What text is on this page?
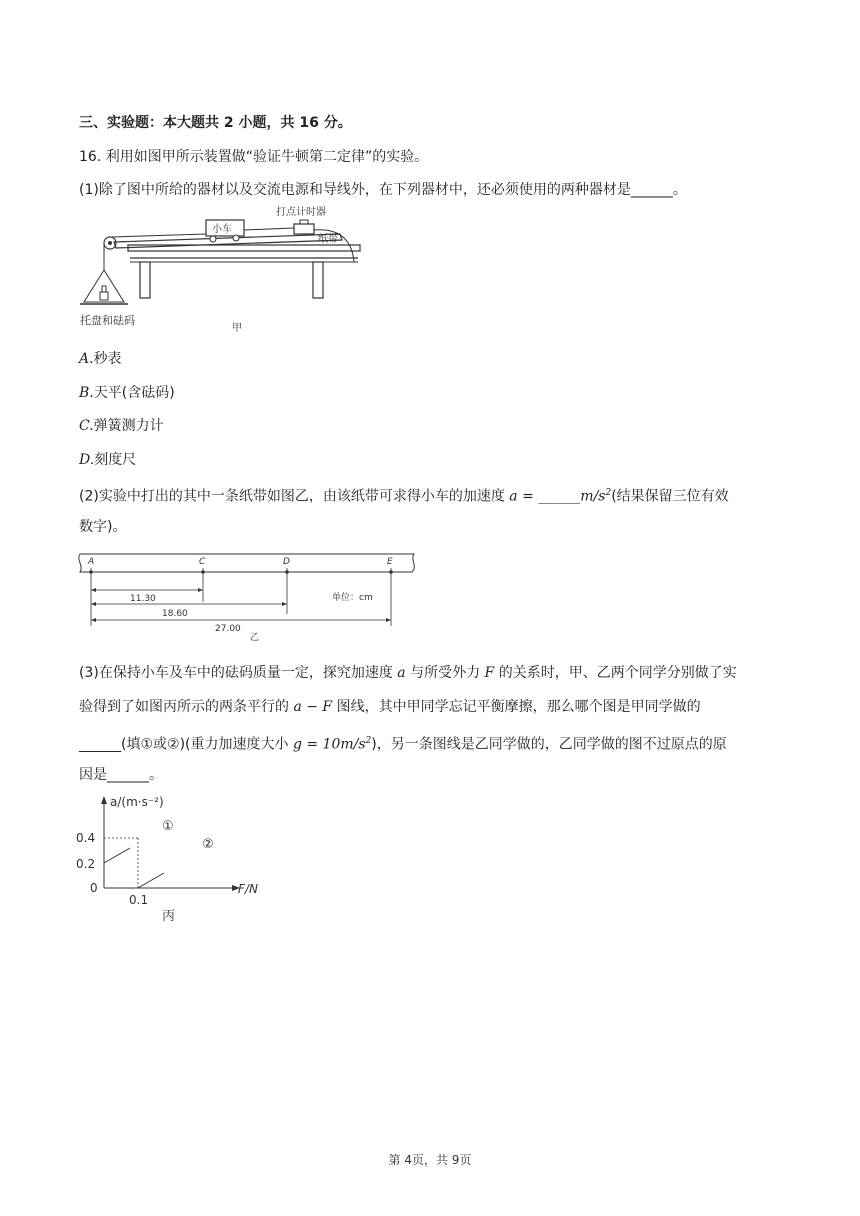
三、实验题：本大题共 2 小题，共 16 分。
16. 利用如图甲所示装置做“验证牛顿第二定律”的实验。
(1)除了图中所给的器材以及交流电源和导线外，在下列器材中，还必须使用的两种器材是______。
小车
打点计时器
纸带
托盘和砝码
甲
A.秒表
B.天平(含砝码)
C.弹簧测力计
D.刻度尺
(2)实验中打出的其中一条纸带如图乙，由该纸带可求得小车的加速度 $a = \_\_\_\_\_\_m/s^2$(结果保留三位有效
数字)。
A	C	D	E
11.30
18.60
27.00
单位：cm
乙
(3)在保持小车及车中的砝码质量一定，探究加速度 a 与所受外力 F 的关系时，甲、乙两个同学分别做了实
验得到了如图丙所示的两条平行的 a − F 图线，其中甲同学忘记平衡摩擦，那么哪个图是甲同学做的
______(填①或②)(重力加速度大小 $g = 10m/s^2$)，另一条图线是乙同学做的，乙同学做的图不过原点的原
因是______。
a/(m·s⁻²)
F/N
0.4
0.2
0
0.1
①
②
丙
第 4页，共 9页
